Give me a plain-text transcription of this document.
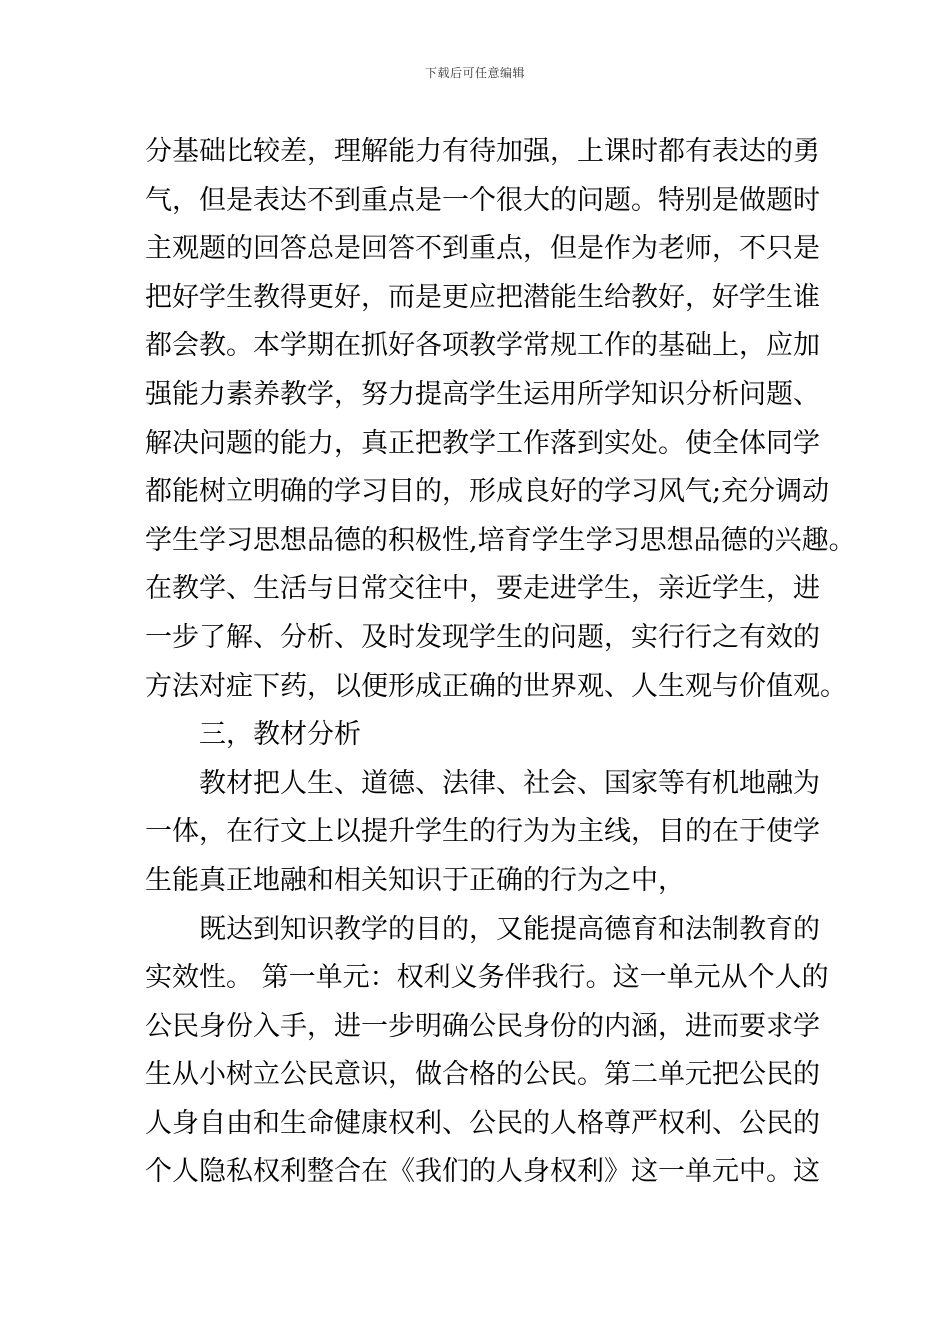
下载后可任意编辑
分基础比较差，理解能力有待加强，上课时都有表达的勇
气，但是表达不到重点是一个很大的问题。特别是做题时
主观题的回答总是回答不到重点，但是作为老师，不只是
把好学生教得更好，而是更应把潜能生给教好，好学生谁
都会教。本学期在抓好各项教学常规工作的基础上，应加
强能力素养教学，努力提高学生运用所学知识分析问题、
解决问题的能力，真正把教学工作落到实处。使全体同学
都能树立明确的学习目的，形成良好的学习风气;充分调动
学生学习思想品德的积极性,培育学生学习思想品德的兴趣。
在教学、生活与日常交往中，要走进学生，亲近学生，进
一步了解、分析、及时发现学生的问题，实行行之有效的
方法对症下药，以便形成正确的世界观、人生观与价值观。
三，教材分析
教材把人生、道德、法律、社会、国家等有机地融为
一体，在行文上以提升学生的行为为主线，目的在于使学
生能真正地融和相关知识于正确的行为之中，
既达到知识教学的目的，又能提高德育和法制教育的
实效性。 第一单元：权利义务伴我行。这一单元从个人的
公民身份入手，进一步明确公民身份的内涵，进而要求学
生从小树立公民意识，做合格的公民。第二单元把公民的
人身自由和生命健康权利、公民的人格尊严权利、公民的
个人隐私权利整合在《我们的人身权利》这一单元中。这
